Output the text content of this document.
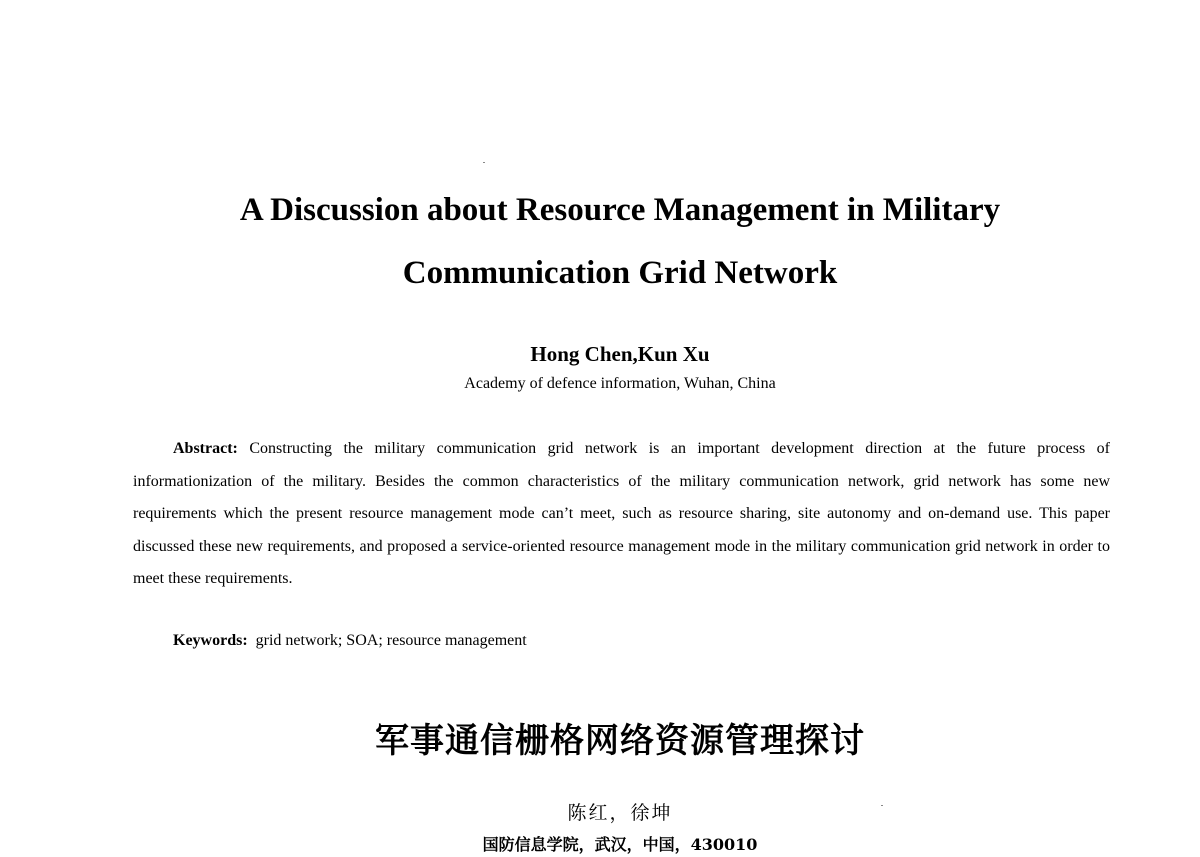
A Discussion about Resource Management in Military
Communication Grid Network
Hong Chen,Kun Xu
Academy of defence information, Wuhan, China

Abstract: Constructing the military communication grid network is an important development direction at the future process of informationization of the military. Besides the common characteristics of the military communication network, grid network has some new requirements which the present resource management mode can’t meet, such as resource sharing, site autonomy and on-demand use. This paper discussed these new requirements, and proposed a service-oriented resource management mode in the military communication grid network in order to meet these requirements.

Keywords: grid network; SOA; resource management
军事通信栅格网络资源管理探讨
陈红，徐坤
国防信息学院，武汉，中国，430010
